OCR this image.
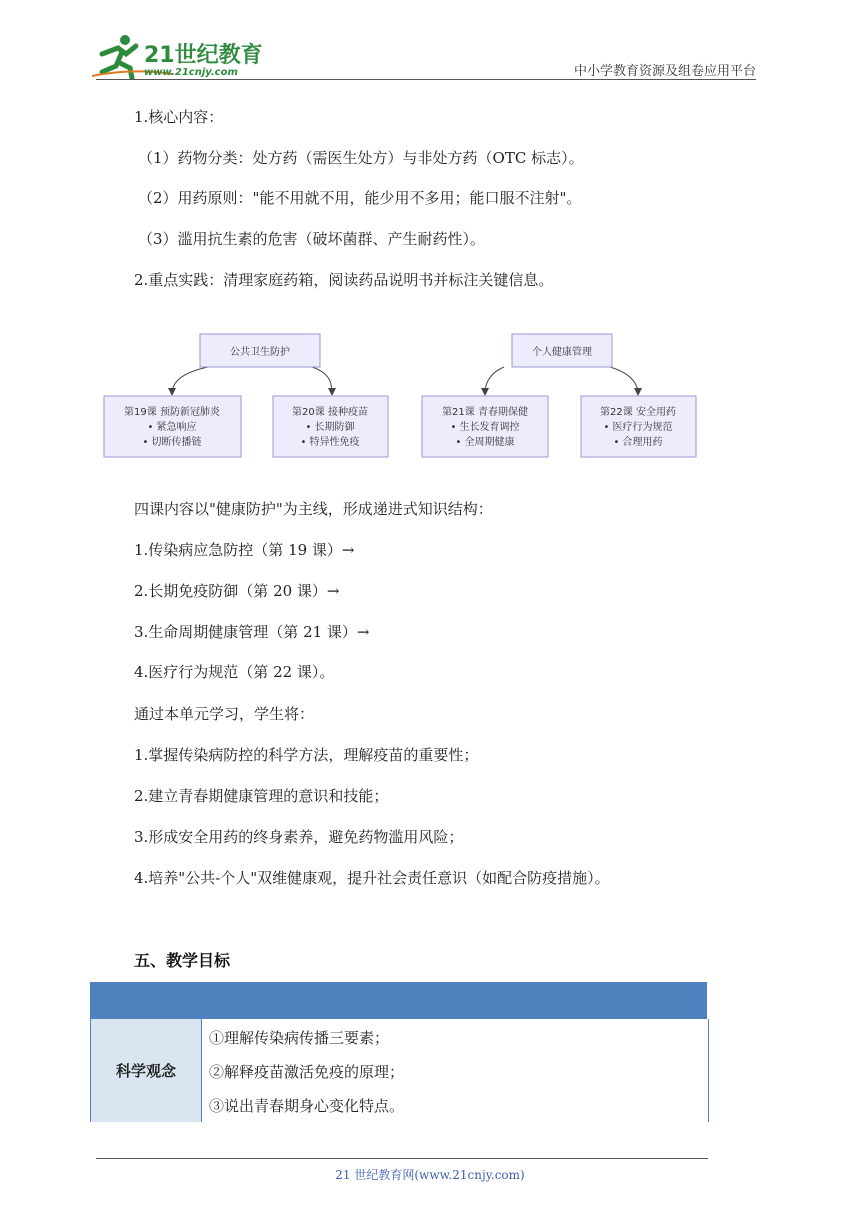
21世纪教育
www.21cnjy.com	中小学教育资源及组卷应用平台
1.核心内容：
（1）药物分类：处方药（需医生处方）与非处方药（OTC 标志）。
（2）用药原则："能不用就不用，能少用不多用；能口服不注射"。
（3）滥用抗生素的危害（破坏菌群、产生耐药性）。
2.重点实践：清理家庭药箱，阅读药品说明书并标注关键信息。
公共卫生防护	个人健康管理
第19课 预防新冠肺炎
• 紧急响应
• 切断传播链
第20课 接种疫苗
• 长期防御
• 特异性免疫
第21课 青春期保健
• 生长发育调控
• 全周期健康
第22课 安全用药
• 医疗行为规范
• 合理用药
四课内容以"健康防护"为主线，形成递进式知识结构：
1.传染病应急防控（第 19 课）→
2.长期免疫防御（第 20 课）→
3.生命周期健康管理（第 21 课）→
4.医疗行为规范（第 22 课）。
通过本单元学习，学生将：
1.掌握传染病防控的科学方法，理解疫苗的重要性；
2.建立青春期健康管理的意识和技能；
3.形成安全用药的终身素养，避免药物滥用风险；
4.培养"公共-个人"双维健康观，提升社会责任意识（如配合防疫措施）。
五、教学目标
科学观念
①理解传染病传播三要素；
②解释疫苗激活免疫的原理；
③说出青春期身心变化特点。
21 世纪教育网(www.21cnjy.com)
